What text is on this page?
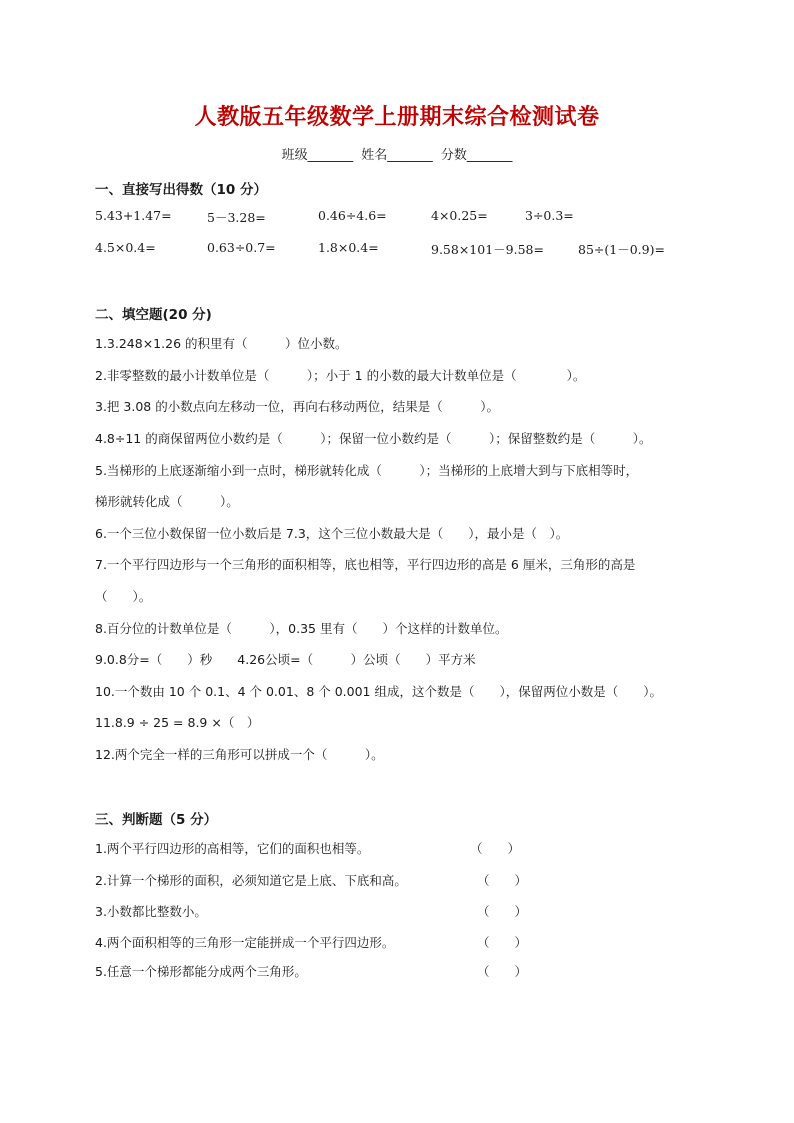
人教版五年级数学上册期末综合检测试卷
班级_______ 姓名_______ 分数_______
一、直接写出得数（10 分）
5.43+1.47=	5－3.28=	0.46÷4.6=	4×0.25=	3÷0.3=
4.5×0.4=	0.63÷0.7=	1.8×0.4=	9.58×101－9.58=	85÷(1－0.9)=
二、填空题(20 分)
1.3.248×1.26 的积里有（　　　）位小数。
2.非零整数的最小计数单位是（　　　）；小于 1 的小数的最大计数单位是（　　　　）。
3.把 3.08 的小数点向左移动一位，再向右移动两位，结果是（　　　）。
4.8÷11 的商保留两位小数约是（　　　）；保留一位小数约是（　　　）；保留整数约是（　　　）。
5.当梯形的上底逐渐缩小到一点时，梯形就转化成（　　　）；当梯形的上底增大到与下底相等时，
梯形就转化成（　　　）。
6.一个三位小数保留一位小数后是 7.3，这个三位小数最大是（　　），最小是（　）。
7.一个平行四边形与一个三角形的面积相等，底也相等，平行四边形的高是 6 厘米，三角形的高是
（　　）。
8.百分位的计数单位是（　　　），0.35 里有（　　）个这样的计数单位。
9.0.8分=（　　）秒　　4.26公顷=（　　　）公顷（　　）平方米
10.一个数由 10 个 0.1、4 个 0.01、8 个 0.001 组成，这个数是（　　），保留两位小数是（　　）。
11.8.9 ÷ 25 = 8.9 ×（　）
12.两个完全一样的三角形可以拼成一个（　　　）。
三、判断题（5 分）
1.两个平行四边形的高相等，它们的面积也相等。	（　　）
2.计算一个梯形的面积，必须知道它是上底、下底和高。	（　　）
3.小数都比整数小。	（　　）
4.两个面积相等的三角形一定能拼成一个平行四边形。	（　　）
5.任意一个梯形都能分成两个三角形。	（　　）
